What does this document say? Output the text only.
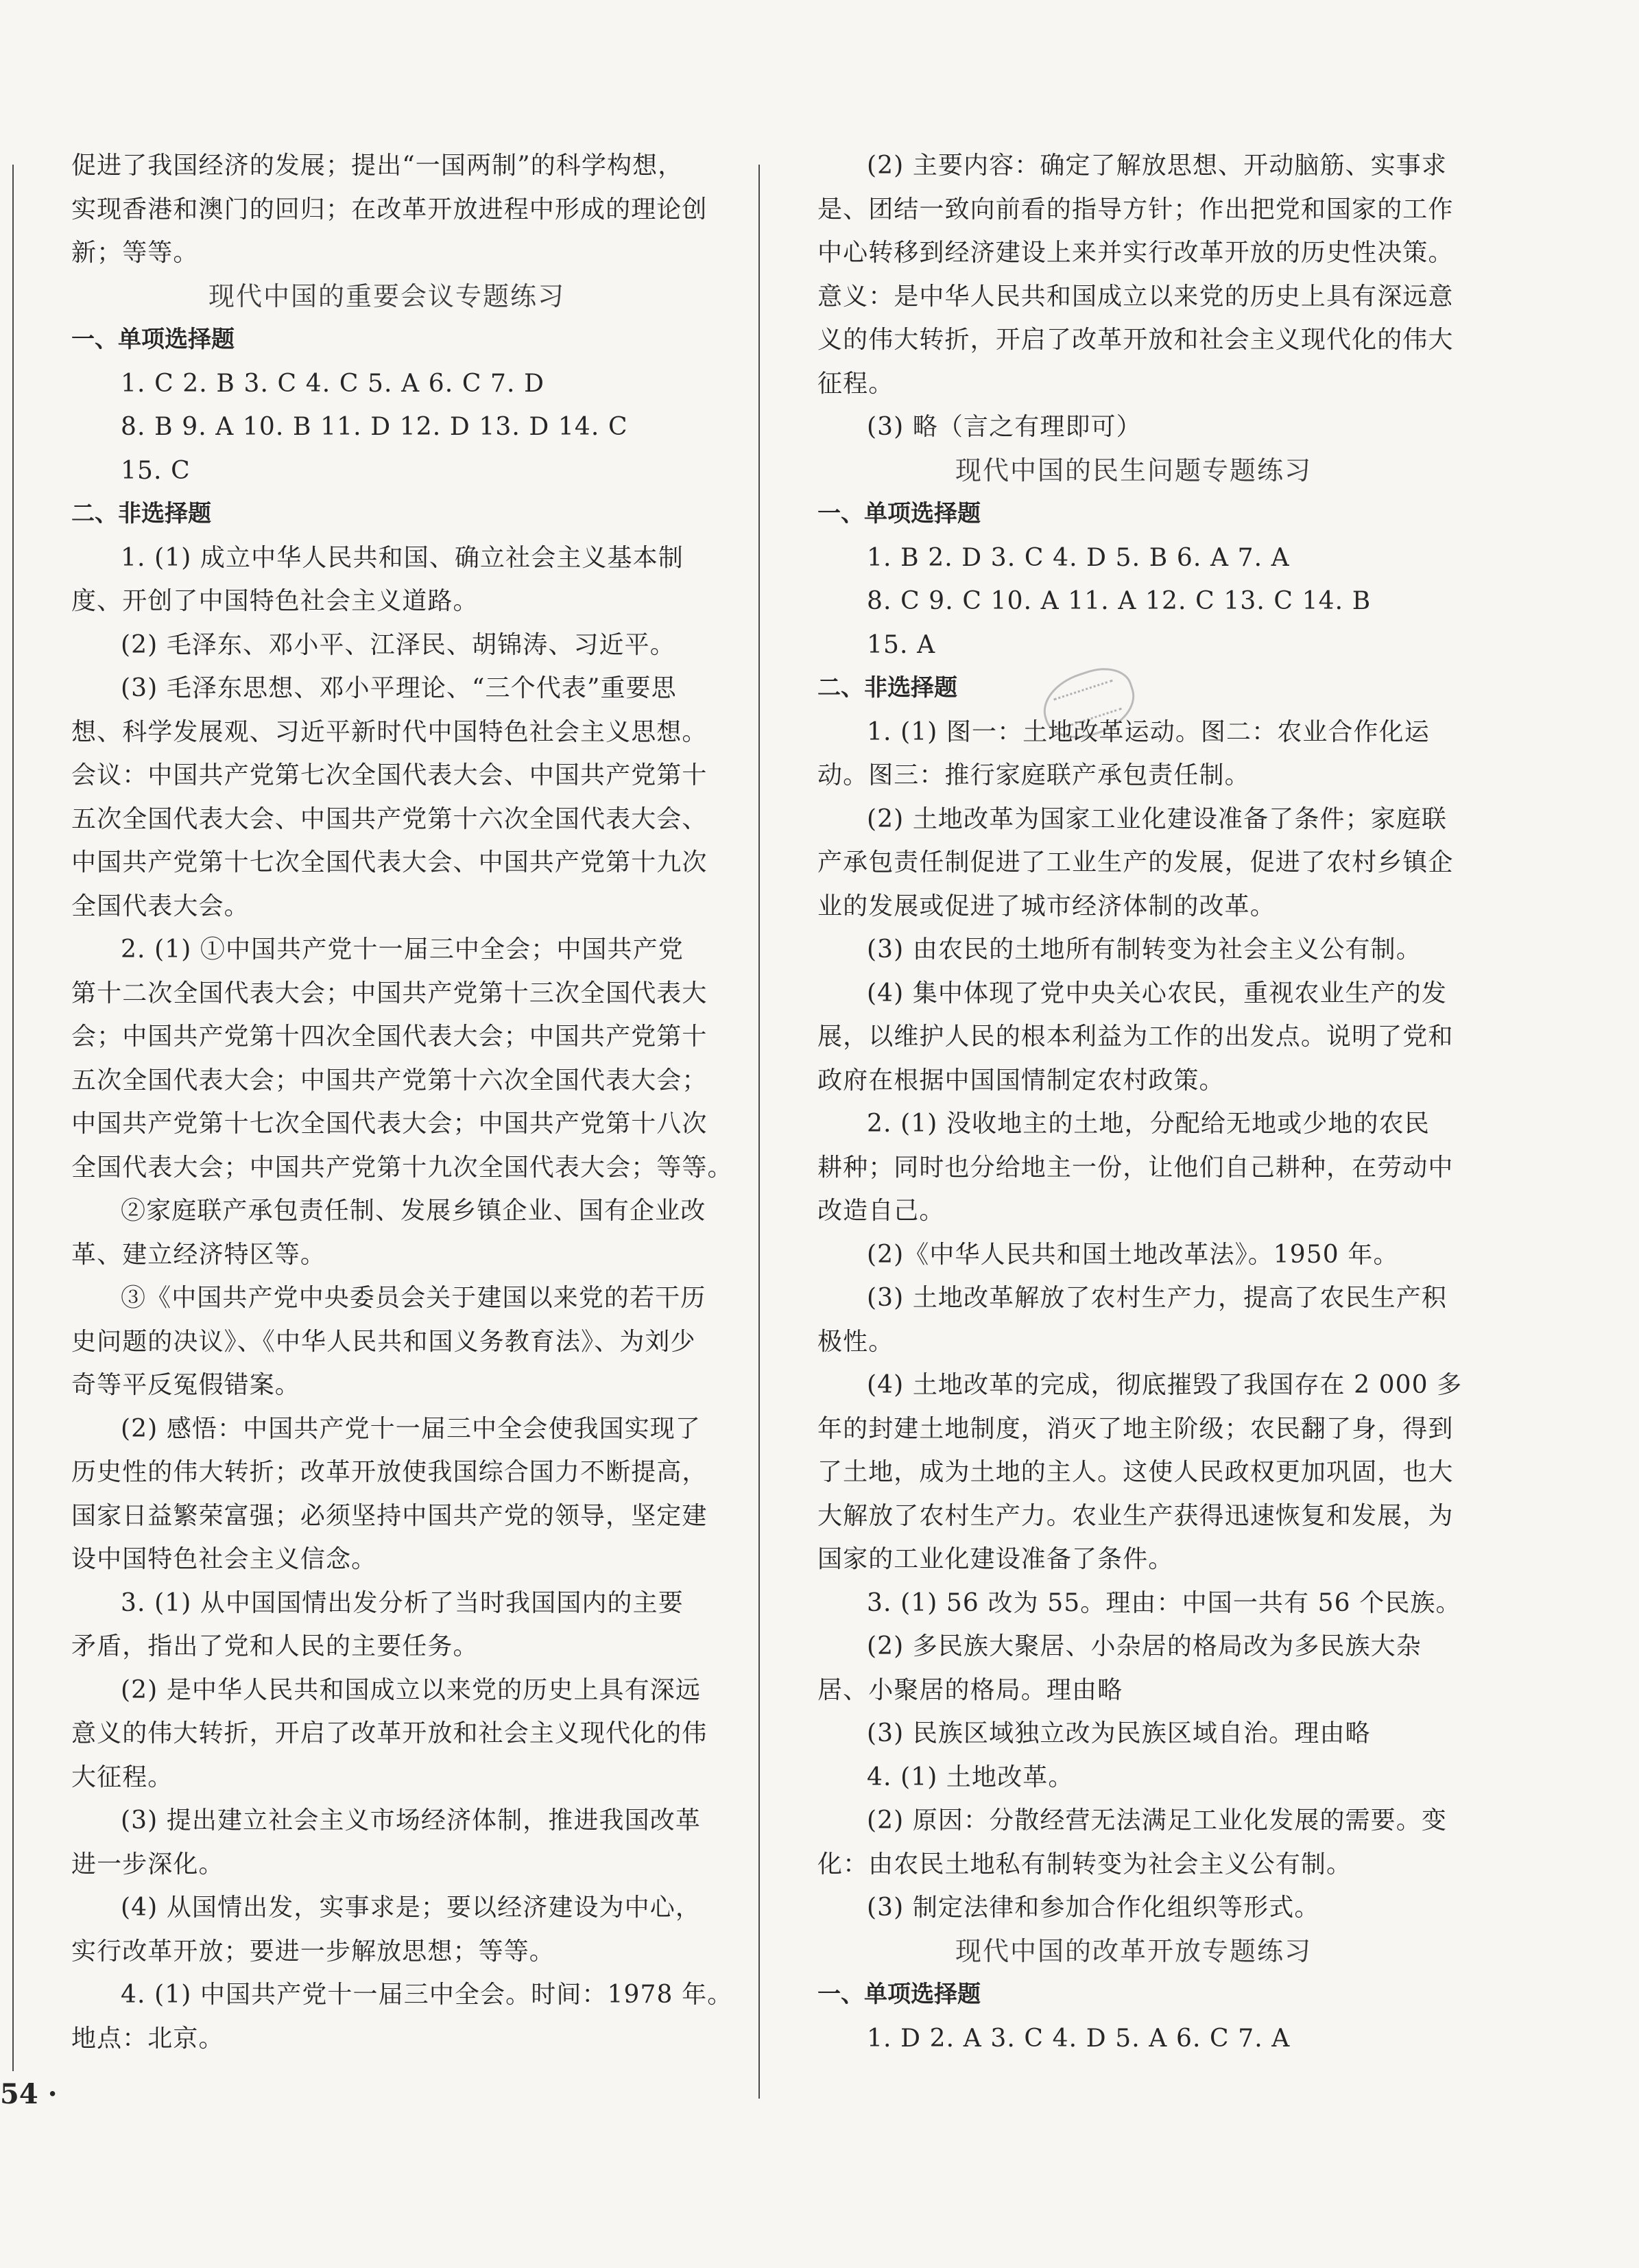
促进了我国经济的发展；提出“一国两制”的科学构想，
实现香港和澳门的回归；在改革开放进程中形成的理论创
新；等等。
现代中国的重要会议专题练习
一、单项选择题
1. C 2. B 3. C 4. C 5. A 6. C 7. D
8. B 9. A 10. B 11. D 12. D 13. D 14. C
15. C
二、非选择题
1. (1) 成立中华人民共和国、确立社会主义基本制
度、开创了中国特色社会主义道路。
(2) 毛泽东、邓小平、江泽民、胡锦涛、习近平。
(3) 毛泽东思想、邓小平理论、“三个代表”重要思
想、科学发展观、习近平新时代中国特色社会主义思想。
会议：中国共产党第七次全国代表大会、中国共产党第十
五次全国代表大会、中国共产党第十六次全国代表大会、
中国共产党第十七次全国代表大会、中国共产党第十九次
全国代表大会。
2. (1) ①中国共产党十一届三中全会；中国共产党
第十二次全国代表大会；中国共产党第十三次全国代表大
会；中国共产党第十四次全国代表大会；中国共产党第十
五次全国代表大会；中国共产党第十六次全国代表大会；
中国共产党第十七次全国代表大会；中国共产党第十八次
全国代表大会；中国共产党第十九次全国代表大会；等等。
②家庭联产承包责任制、发展乡镇企业、国有企业改
革、建立经济特区等。
③《中国共产党中央委员会关于建国以来党的若干历
史问题的决议》、《中华人民共和国义务教育法》、为刘少
奇等平反冤假错案。
(2) 感悟：中国共产党十一届三中全会使我国实现了
历史性的伟大转折；改革开放使我国综合国力不断提高，
国家日益繁荣富强；必须坚持中国共产党的领导，坚定建
设中国特色社会主义信念。
3. (1) 从中国国情出发分析了当时我国国内的主要
矛盾，指出了党和人民的主要任务。
(2) 是中华人民共和国成立以来党的历史上具有深远
意义的伟大转折，开启了改革开放和社会主义现代化的伟
大征程。
(3) 提出建立社会主义市场经济体制，推进我国改革
进一步深化。
(4) 从国情出发，实事求是；要以经济建设为中心，
实行改革开放；要进一步解放思想；等等。
4. (1) 中国共产党十一届三中全会。时间：1978 年。
地点：北京。
(2) 主要内容：确定了解放思想、开动脑筋、实事求
是、团结一致向前看的指导方针；作出把党和国家的工作
中心转移到经济建设上来并实行改革开放的历史性决策。
意义：是中华人民共和国成立以来党的历史上具有深远意
义的伟大转折，开启了改革开放和社会主义现代化的伟大
征程。
(3) 略（言之有理即可）
现代中国的民生问题专题练习
一、单项选择题
1. B 2. D 3. C 4. D 5. B 6. A 7. A
8. C 9. C 10. A 11. A 12. C 13. C 14. B
15. A
二、非选择题
1. (1) 图一：土地改革运动。图二：农业合作化运
动。图三：推行家庭联产承包责任制。
(2) 土地改革为国家工业化建设准备了条件；家庭联
产承包责任制促进了工业生产的发展，促进了农村乡镇企
业的发展或促进了城市经济体制的改革。
(3) 由农民的土地所有制转变为社会主义公有制。
(4) 集中体现了党中央关心农民，重视农业生产的发
展，以维护人民的根本利益为工作的出发点。说明了党和
政府在根据中国国情制定农村政策。
2. (1) 没收地主的土地，分配给无地或少地的农民
耕种；同时也分给地主一份，让他们自己耕种，在劳动中
改造自己。
(2)《中华人民共和国土地改革法》。1950 年。
(3) 土地改革解放了农村生产力，提高了农民生产积
极性。
(4) 土地改革的完成，彻底摧毁了我国存在 2 000 多
年的封建土地制度，消灭了地主阶级；农民翻了身，得到
了土地，成为土地的主人。这使人民政权更加巩固，也大
大解放了农村生产力。农业生产获得迅速恢复和发展，为
国家的工业化建设准备了条件。
3. (1) 56 改为 55。理由：中国一共有 56 个民族。
(2) 多民族大聚居、小杂居的格局改为多民族大杂
居、小聚居的格局。理由略
(3) 民族区域独立改为民族区域自治。理由略
4. (1) 土地改革。
(2) 原因：分散经营无法满足工业化发展的需要。变
化：由农民土地私有制转变为社会主义公有制。
(3) 制定法律和参加合作化组织等形式。
现代中国的改革开放专题练习
一、单项选择题
1. D 2. A 3. C 4. D 5. A 6. C 7. A
54 ·
